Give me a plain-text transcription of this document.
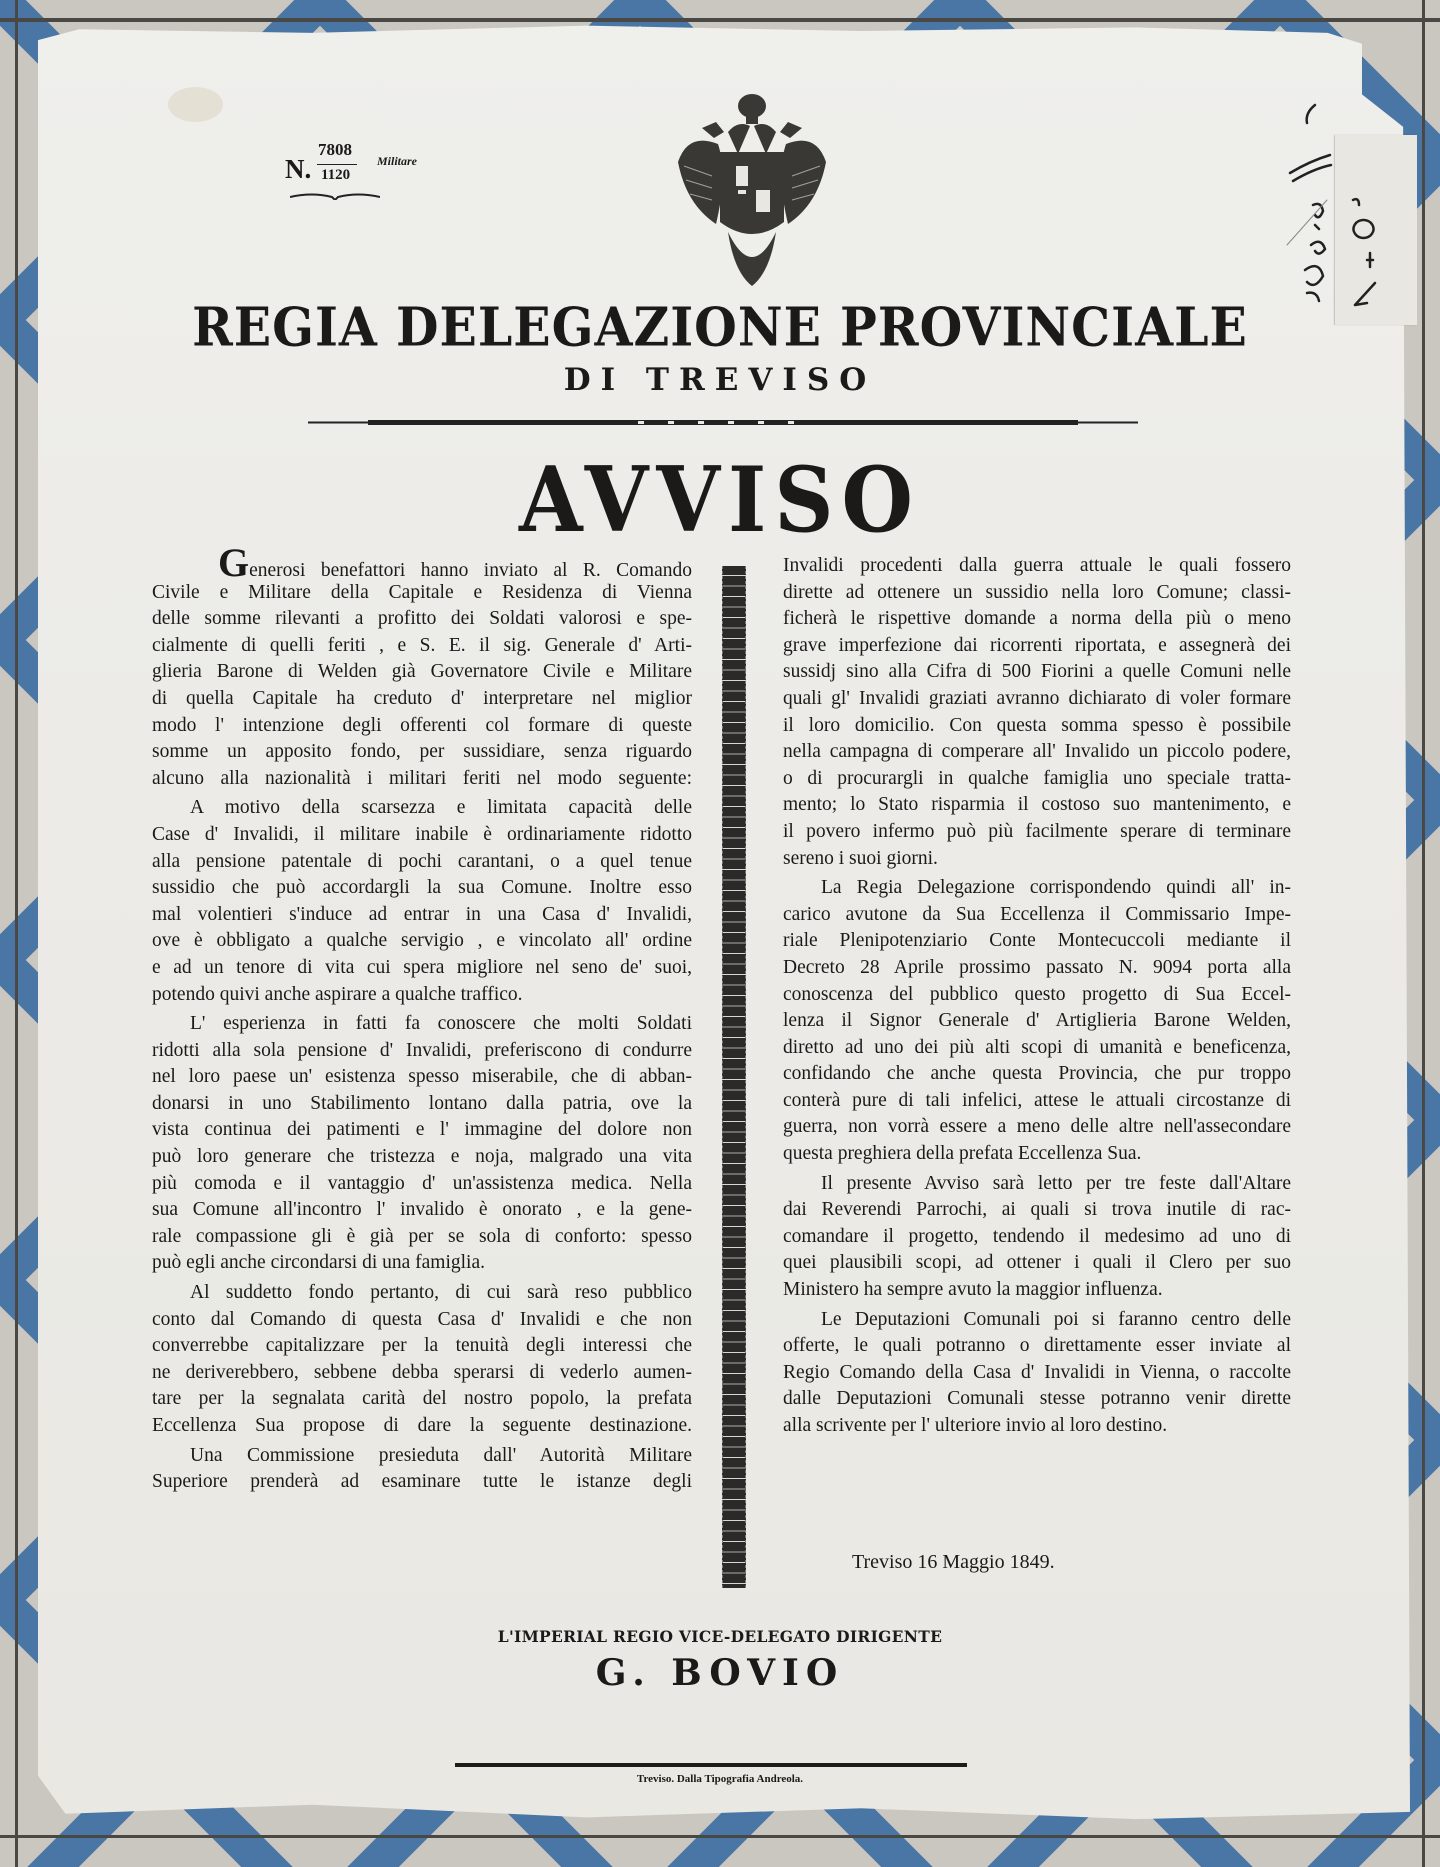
N.
7808
1120
Militare
REGIA DELEGAZIONE PROVINCIALE
DI TREVISO
AVVISO
Generosi benefattori hanno inviato al R. Comando
Civile e Militare della Capitale e Residenza di Vienna
delle somme rilevanti a profitto dei Soldati valorosi e spe-
cialmente di quelli feriti , e S. E. il sig. Generale d' Arti-
glieria Barone di Welden già Governatore Civile e Militare
di quella Capitale ha creduto d' interpretare nel miglior
modo l' intenzione degli offerenti col formare di queste
somme un apposito fondo, per sussidiare, senza riguardo
alcuno alla nazionalità i militari feriti nel modo seguente:
A motivo della scarsezza e limitata capacità delle
Case d' Invalidi, il militare inabile è ordinariamente ridotto
alla pensione patentale di pochi carantani, o a quel tenue
sussidio che può accordargli la sua Comune. Inoltre esso
mal volentieri s'induce ad entrar in una Casa d' Invalidi,
ove è obbligato a qualche servigio , e vincolato all' ordine
e ad un tenore di vita cui spera migliore nel seno de' suoi,
potendo quivi anche aspirare a qualche traffico.
L' esperienza in fatti fa conoscere che molti Soldati
ridotti alla sola pensione d' Invalidi, preferiscono di condurre
nel loro paese un' esistenza spesso miserabile, che di abban-
donarsi in uno Stabilimento lontano dalla patria, ove la
vista continua dei patimenti e l' immagine del dolore non
può loro generare che tristezza e noja, malgrado una vita
più comoda e il vantaggio d' un'assistenza medica. Nella
sua Comune all'incontro l' invalido è onorato , e la gene-
rale compassione gli è già per se sola di conforto: spesso
può egli anche circondarsi di una famiglia.
Al suddetto fondo pertanto, di cui sarà reso pubblico
conto dal Comando di questa Casa d' Invalidi e che non
converrebbe capitalizzare per la tenuità degli interessi che
ne deriverebbero, sebbene debba sperarsi di vederlo aumen-
tare per la segnalata carità del nostro popolo, la prefata
Eccellenza Sua propose di dare la seguente destinazione.
Una Commissione presieduta dall' Autorità Militare
Superiore prenderà ad esaminare tutte le istanze degli
Invalidi procedenti dalla guerra attuale le quali fossero
dirette ad ottenere un sussidio nella loro Comune; classi-
ficherà le rispettive domande a norma della più o meno
grave imperfezione dai ricorrenti riportata, e assegnerà dei
sussidj sino alla Cifra di 500 Fiorini a quelle Comuni nelle
quali gl' Invalidi graziati avranno dichiarato di voler formare
il loro domicilio. Con questa somma spesso è possibile
nella campagna di comperare all' Invalido un piccolo podere,
o di procurargli in qualche famiglia uno speciale tratta-
mento; lo Stato risparmia il costoso suo mantenimento, e
il povero infermo può più facilmente sperare di terminare
sereno i suoi giorni.
La Regia Delegazione corrispondendo quindi all' in-
carico avutone da Sua Eccellenza il Commissario Impe-
riale Plenipotenziario Conte Montecuccoli mediante il
Decreto 28 Aprile prossimo passato N. 9094 porta alla
conoscenza del pubblico questo progetto di Sua Eccel-
lenza il Signor Generale d' Artiglieria Barone Welden,
diretto ad uno dei più alti scopi di umanità e beneficenza,
confidando che anche questa Provincia, che pur troppo
conterà pure di tali infelici, attese le attuali circostanze di
guerra, non vorrà essere a meno delle altre nell'assecondare
questa preghiera della prefata Eccellenza Sua.
Il presente Avviso sarà letto per tre feste dall'Altare
dai Reverendi Parrochi, ai quali si trova inutile di rac-
comandare il progetto, tendendo il medesimo ad uno di
quei plausibili scopi, ad ottener i quali il Clero per suo
Ministero ha sempre avuto la maggior influenza.
Le Deputazioni Comunali poi si faranno centro delle
offerte, le quali potranno o direttamente esser inviate al
Regio Comando della Casa d' Invalidi in Vienna, o raccolte
dalle Deputazioni Comunali stesse potranno venir dirette
alla scrivente per l' ulteriore invio al loro destino.
Treviso 16 Maggio 1849.
L'IMPERIAL REGIO VICE-DELEGATO DIRIGENTE
G. BOVIO
Treviso. Dalla Tipografia Andreola.
